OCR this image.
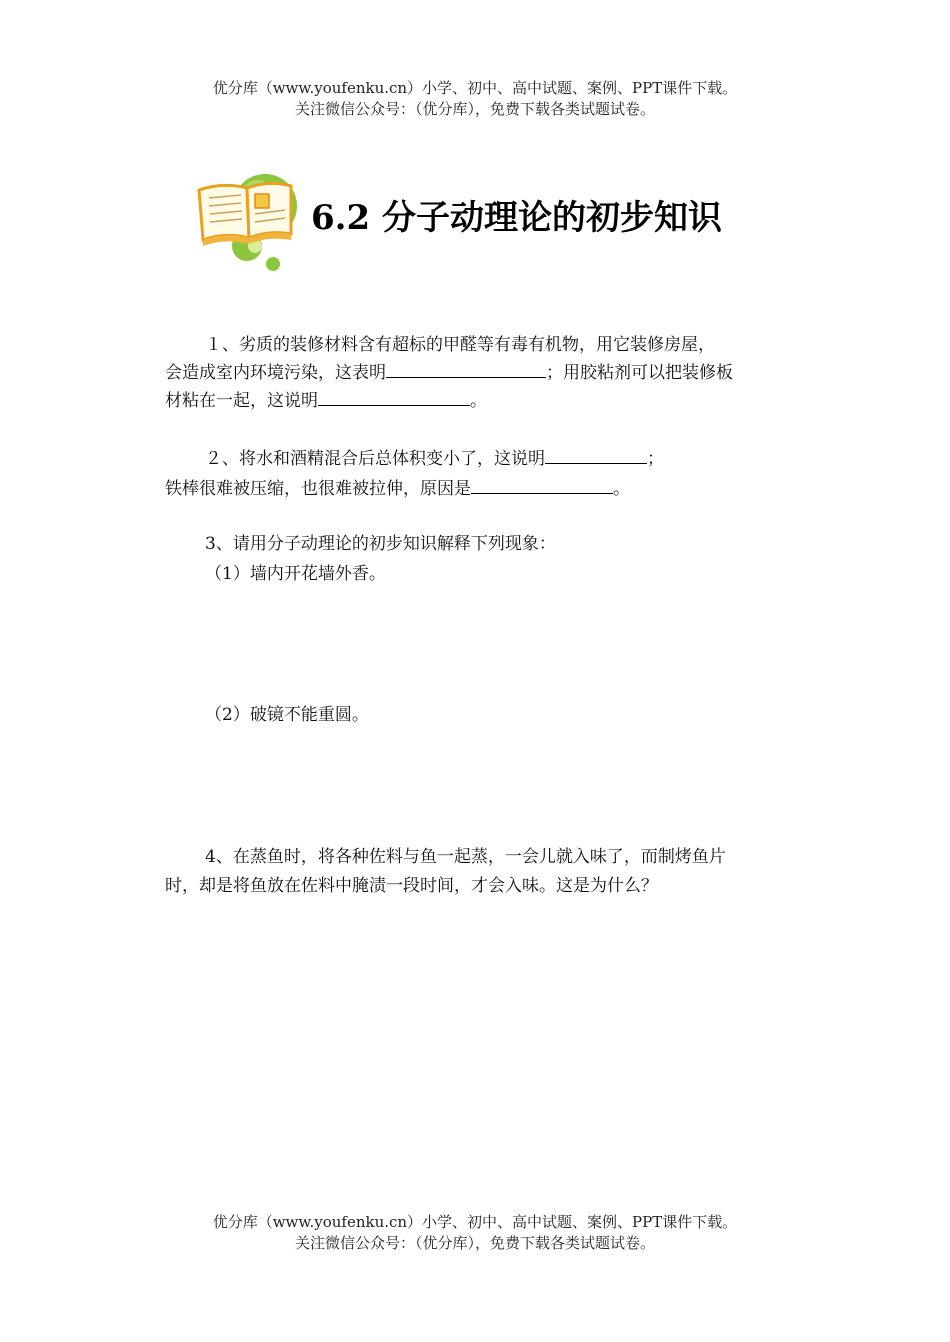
优分库（www.youfenku.cn）小学、初中、高中试题、案例、PPT课件下载。
关注微信公众号：（优分库），免费下载各类试题试卷。
6.2 分子动理论的初步知识
１、劣质的装修材料含有超标的甲醛等有毒有机物，用它装修房屋，
会造成室内环境污染，这表明	；用胶粘剂可以把装修板
材粘在一起，这说明	。
２、将水和酒精混合后总体积变小了，这说明	；
铁棒很难被压缩，也很难被拉伸，原因是	。
3、请用分子动理论的初步知识解释下列现象：
（1）墙内开花墙外香。
（2）破镜不能重圆。
4、在蒸鱼时，将各种佐料与鱼一起蒸，一会儿就入味了，而制烤鱼片
时，却是将鱼放在佐料中腌渍一段时间，才会入味。这是为什么？
优分库（www.youfenku.cn）小学、初中、高中试题、案例、PPT课件下载。
关注微信公众号：（优分库），免费下载各类试题试卷。
